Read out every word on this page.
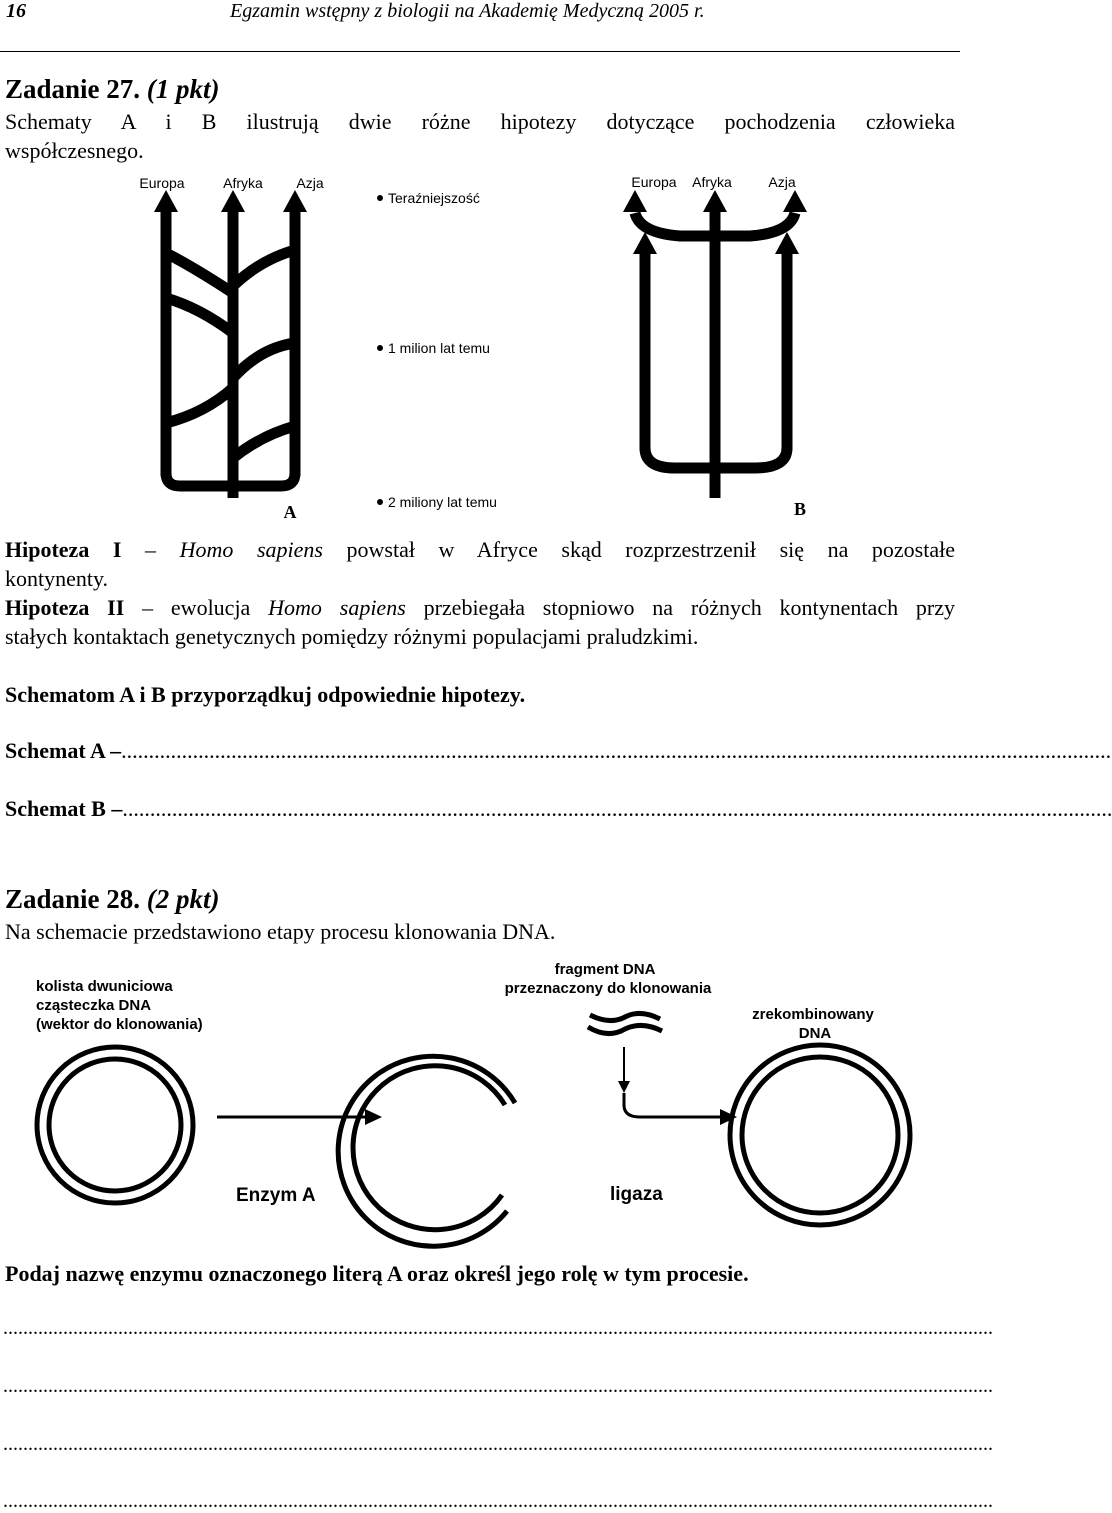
16	Egzamin wstępny z biologii na Akademię Medyczną 2005 r.
Zadanie 27. (1 pkt)
Schematy A i B ilustrują dwie różne hipotezy dotyczące pochodzenia człowieka
współczesnego.
Europa	Afryka Azja
A
Teraźniejszość
1 milion lat temu
2 miliony lat temu
Europa Afryka	Azja
B
Hipoteza I – Homo sapiens powstał w Afryce skąd rozprzestrzenił się na pozostałe
kontynenty.
Hipoteza II – ewolucja Homo sapiens przebiegała stopniowo na różnych kontynentach przy
stałych kontaktach genetycznych pomiędzy różnymi populacjami praludzkimi.
Schematom A i B przyporządkuj odpowiednie hipotezy.
Schemat A –....................................................................................................................................................................................
Schemat B –....................................................................................................................................................................................
Zadanie 28. (2 pkt)
Na schemacie przedstawiono etapy procesu klonowania DNA.
kolista dwuniciowa
cząsteczka DNA
(wektor do klonowania)
fragment DNA
przeznaczony do klonowania
zrekombinowany
DNA
Enzym A	ligaza
Podaj nazwę enzymu oznaczonego literą A oraz określ jego rolę w tym procesie.
......................................................................................................................................................................................................
......................................................................................................................................................................................................
......................................................................................................................................................................................................
......................................................................................................................................................................................................
